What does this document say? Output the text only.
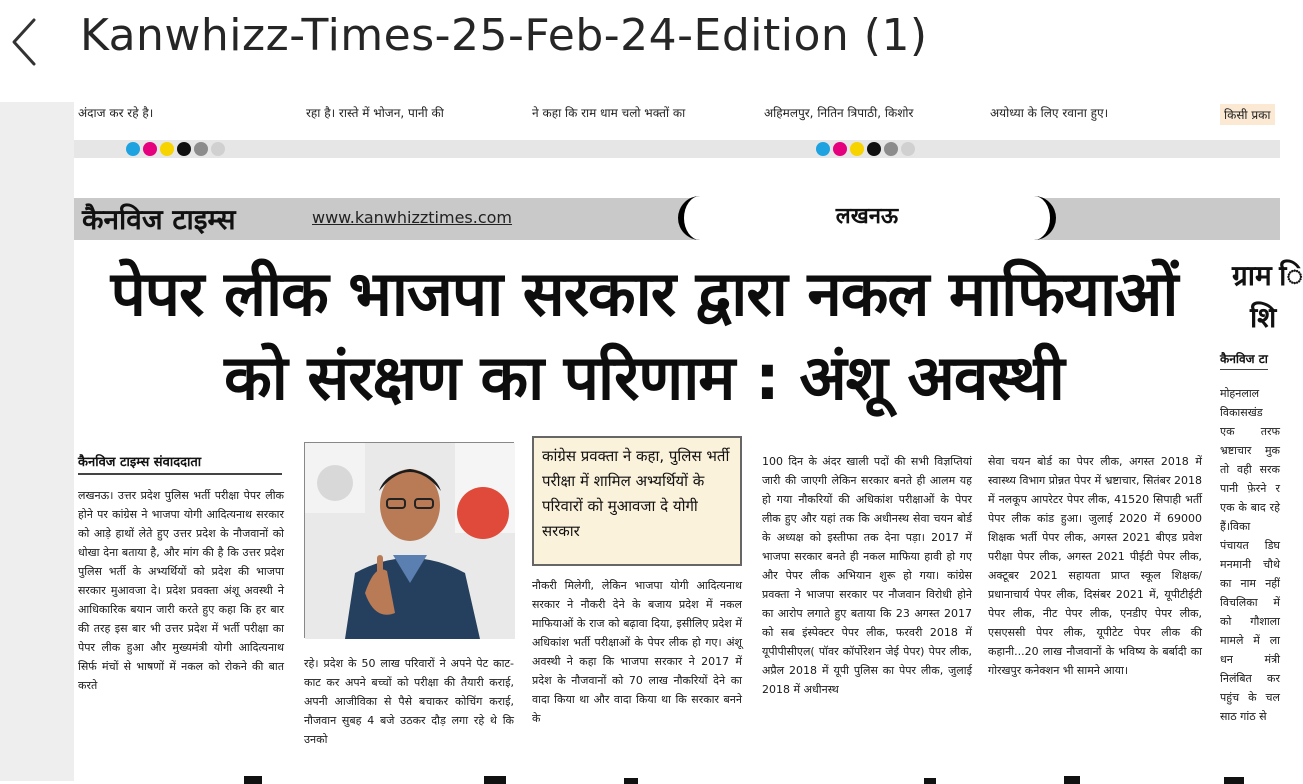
Kanwhizz-Times-25-Feb-24-Edition (1)
अंदाज कर रहे है।	रहा है। रास्ते में भोजन, पानी की	ने कहा कि राम धाम चलो भक्तों का	अहिमलपुर, नितिन त्रिपाठी, किशोर	अयोध्या के लिए रवाना हुए।	किसी प्रका
कैनविज टाइम्स	www.kanwhizztimes.com	लखनऊ
पेपर लीक भाजपा सरकार द्वारा नकल माफियाओं
को संरक्षण का परिणाम : अंशू अवस्थी
ग्राम ि
शि
कैनविज टा
मोहनलाल विकासखंड एक तरफ भ्रष्टाचार मुक तो वही सरक पानी फ़ेरने र एक के बाद रहे हैं।विका पंचायत डिघ मनमानी चौथे का नाम नहीं विचलिका में को गौशाला मामले में ला धन मंत्री निलंबित कर पहुंच के चल साठ गांठ से
कैनविज टाइम्स संवाददाता
लखनऊ। उत्तर प्रदेश पुलिस भर्ती परीक्षा पेपर लीक होने पर कांग्रेस ने भाजपा योगी आदित्यनाथ सरकार को आड़े हाथों लेते हुए उत्तर प्रदेश के नौजवानों को धोखा देना बताया है, और मांग की है कि उत्तर प्रदेश पुलिस भर्ती के अभ्यर्थियों को प्रदेश की भाजपा सरकार मुआवजा दे। प्रदेश प्रवक्ता अंशू अवस्थी ने आधिकारिक बयान जारी करते हुए कहा कि हर बार की तरह इस बार भी उत्तर प्रदेश में भर्ती परीक्षा का पेपर लीक हुआ और मुख्यमंत्री योगी आदित्यनाथ सिर्फ मंचों से भाषणों में नकल को रोकने की बात करते
कांग्रेस प्रवक्ता ने कहा, पुलिस भर्ती परीक्षा में शामिल अभ्यर्थियों के परिवारों को मुआवजा दे योगी सरकार
रहे। प्रदेश के 50 लाख परिवारों ने अपने पेट काट-काट कर अपने बच्चों को परीक्षा की तैयारी कराई, अपनी आजीविका से पैसे बचाकर कोचिंग कराई, नौजवान सुबह 4 बजे उठकर दौड़ लगा रहे थे कि उनको
नौकरी मिलेगी, लेकिन भाजपा योगी आदित्यनाथ सरकार ने नौकरी देने के बजाय प्रदेश में नकल माफियाओं के राज को बढ़ावा दिया, इसीलिए प्रदेश में अधिकांश भर्ती परीक्षाओं के पेपर लीक हो गए। अंशू अवस्थी ने कहा कि भाजपा सरकार ने 2017 में प्रदेश के नौजवानों को 70 लाख नौकरियों देने का वादा किया था और वादा किया था कि सरकार बनने के
100 दिन के अंदर खाली पदों की सभी विज्ञप्तियां जारी की जाएगी लेकिन सरकार बनते ही आलम यह हो गया नौकरियों की अधिकांश परीक्षाओं के पेपर लीक हुए और यहां तक कि अधीनस्थ सेवा चयन बोर्ड के अध्यक्ष को इस्तीफा तक देना पड़ा। 2017 में भाजपा सरकार बनते ही नकल माफिया हावी हो गए और पेपर लीक अभियान शुरू हो गया। कांग्रेस प्रवक्ता ने भाजपा सरकार पर नौजवान विरोधी होने का आरोप लगाते हुए बताया कि 23 अगस्त 2017 को सब इंस्पेक्टर पेपर लीक, फरवरी 2018 में यूपीपीसीएल( पॉवर कॉर्पोरेशन जेई पेपर) पेपर लीक, अप्रैल 2018 में यूपी पुलिस का पेपर लीक, जुलाई 2018 में अधीनस्थ
सेवा चयन बोर्ड का पेपर लीक, अगस्त 2018 में स्वास्थ्य विभाग प्रोन्नत पेपर में भ्रष्टाचार, सितंबर 2018 में नलकूप आपरेटर पेपर लीक, 41520 सिपाही भर्ती पेपर लीक कांड हुआ। जुलाई 2020 में 69000 शिक्षक भर्ती पेपर लीक, अगस्त 2021 बीएड प्रवेश परीक्षा पेपर लीक, अगस्त 2021 पीईटी पेपर लीक, अक्टूबर 2021 सहायता प्राप्त स्कूल शिक्षक/प्रधानाचार्य पेपर लीक, दिसंबर 2021 में, यूपीटीईटी पेपर लीक, नीट पेपर लीक, एनडीए पेपर लीक, एसएससी पेपर लीक, यूपीटेट पेपर लीक की कहानी...20 लाख नौजवानों के भविष्य के बर्बादी का गोरखपुर कनेक्शन भी सामने आया।
